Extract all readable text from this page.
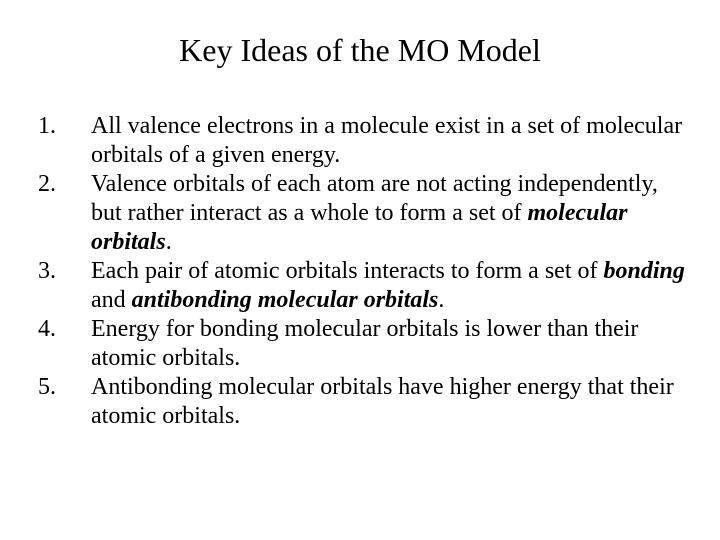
Key Ideas of the MO Model
1.	All valence electrons in a molecule exist in a set of molecular orbitals of a given energy.
2.	Valence orbitals of each atom are not acting independently, but rather interact as a whole to form a set of molecular orbitals.
3.	Each pair of atomic orbitals interacts to form a set of bonding and antibonding molecular orbitals.
4.	Energy for bonding molecular orbitals is lower than their atomic orbitals.
5.	Antibonding molecular orbitals have higher energy that their atomic orbitals.
